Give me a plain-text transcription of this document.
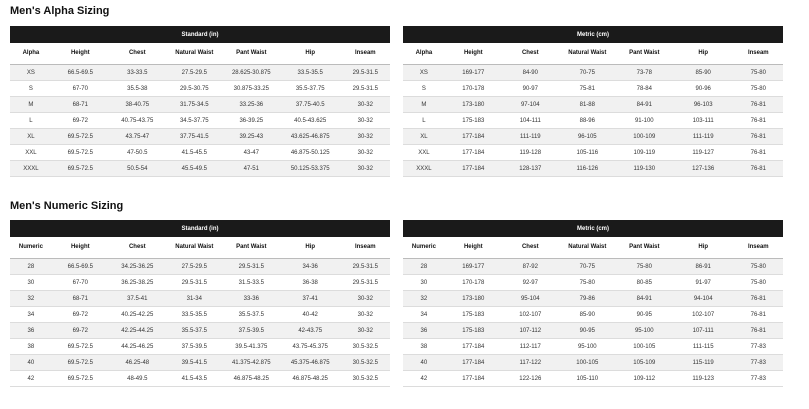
Men's Alpha Sizing
Standard (in)						
Alpha	Height	Chest	Natural Waist	Pant Waist	Hip	Inseam
XS	66.5-69.5	33-33.5	27.5-29.5	28.625-30.875	33.5-35.5	29.5-31.5
S	67-70	35.5-38	29.5-30.75	30.875-33.25	35.5-37.75	29.5-31.5
M	68-71	38-40.75	31.75-34.5	33.25-36	37.75-40.5	30-32
L	69-72	40.75-43.75	34.5-37.75	36-39.25	40.5-43.625	30-32
XL	69.5-72.5	43.75-47	37.75-41.5	39.25-43	43.625-46.875	30-32
XXL	69.5-72.5	47-50.5	41.5-45.5	43-47	46.875-50.125	30-32
XXXL	69.5-72.5	50.5-54	45.5-49.5	47-51	50.125-53.375	30-32
Metric (cm)						
Alpha	Height	Chest	Natural Waist	Pant Waist	Hip	Inseam
XS	169-177	84-90	70-75	73-78	85-90	75-80
S	170-178	90-97	75-81	78-84	90-96	75-80
M	173-180	97-104	81-88	84-91	96-103	76-81
L	175-183	104-111	88-96	91-100	103-111	76-81
XL	177-184	111-119	96-105	100-109	111-119	76-81
XXL	177-184	119-128	105-116	109-119	119-127	76-81
XXXL	177-184	128-137	116-126	119-130	127-136	76-81
Men's Numeric Sizing
Standard (in)						
Numeric	Height	Chest	Natural Waist	Pant Waist	Hip	Inseam
28	66.5-69.5	34.25-36.25	27.5-29.5	29.5-31.5	34-36	29.5-31.5
30	67-70	36.25-38.25	29.5-31.5	31.5-33.5	36-38	29.5-31.5
32	68-71	37.5-41	31-34	33-36	37-41	30-32
34	69-72	40.25-42.25	33.5-35.5	35.5-37.5	40-42	30-32
36	69-72	42.25-44.25	35.5-37.5	37.5-39.5	42-43.75	30-32
38	69.5-72.5	44.25-46.25	37.5-39.5	39.5-41.375	43.75-45.375	30.5-32.5
40	69.5-72.5	46.25-48	39.5-41.5	41.375-42.875	45.375-46.875	30.5-32.5
42	69.5-72.5	48-49.5	41.5-43.5	46.875-48.25	46.875-48.25	30.5-32.5
Metric (cm)						
Numeric	Height	Chest	Natural Waist	Pant Waist	Hip	Inseam
28	169-177	87-92	70-75	75-80	86-91	75-80
30	170-178	92-97	75-80	80-85	91-97	75-80
32	173-180	95-104	79-86	84-91	94-104	76-81
34	175-183	102-107	85-90	90-95	102-107	76-81
36	175-183	107-112	90-95	95-100	107-111	76-81
38	177-184	112-117	95-100	100-105	111-115	77-83
40	177-184	117-122	100-105	105-109	115-119	77-83
42	177-184	122-126	105-110	109-112	119-123	77-83
